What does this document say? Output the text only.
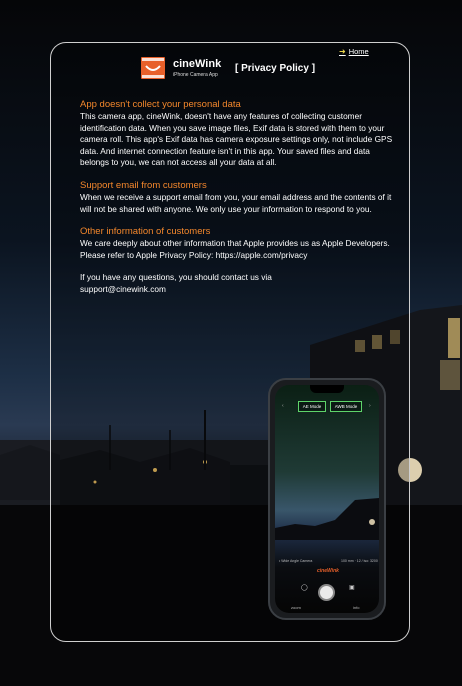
➜ Home
cineWink
iPhone Camera App
[ Privacy Policy ]

App doesn't collect your personal data

This camera app, cineWink, doesn't have any features of collecting customer identification data. When you save image files, Exif data is stored with them to your camera roll. This app's Exif data has camera exposure settings only, not include GPS data. And internet connection feature isn't in this app. Your saved files and data belongs to you, we can not access all your data at all.

Support email from customers

When we receive a support email from you, your email address and the contents of it will not be shared with anyone. We only use your information to respond to you.

Other information of customers

We care deeply about other information that Apple provides us as Apple Developers.

Please refer to Apple Privacy Policy: https://apple.com/privacy

If you have any questions, you should contact us via

support@cinewink.com

‹	AE Mode	AWB Mode	›
• Wide Angle Camera	100 mm · 12 / iso: 3200
cineWink
◯	▣
zoom	info
